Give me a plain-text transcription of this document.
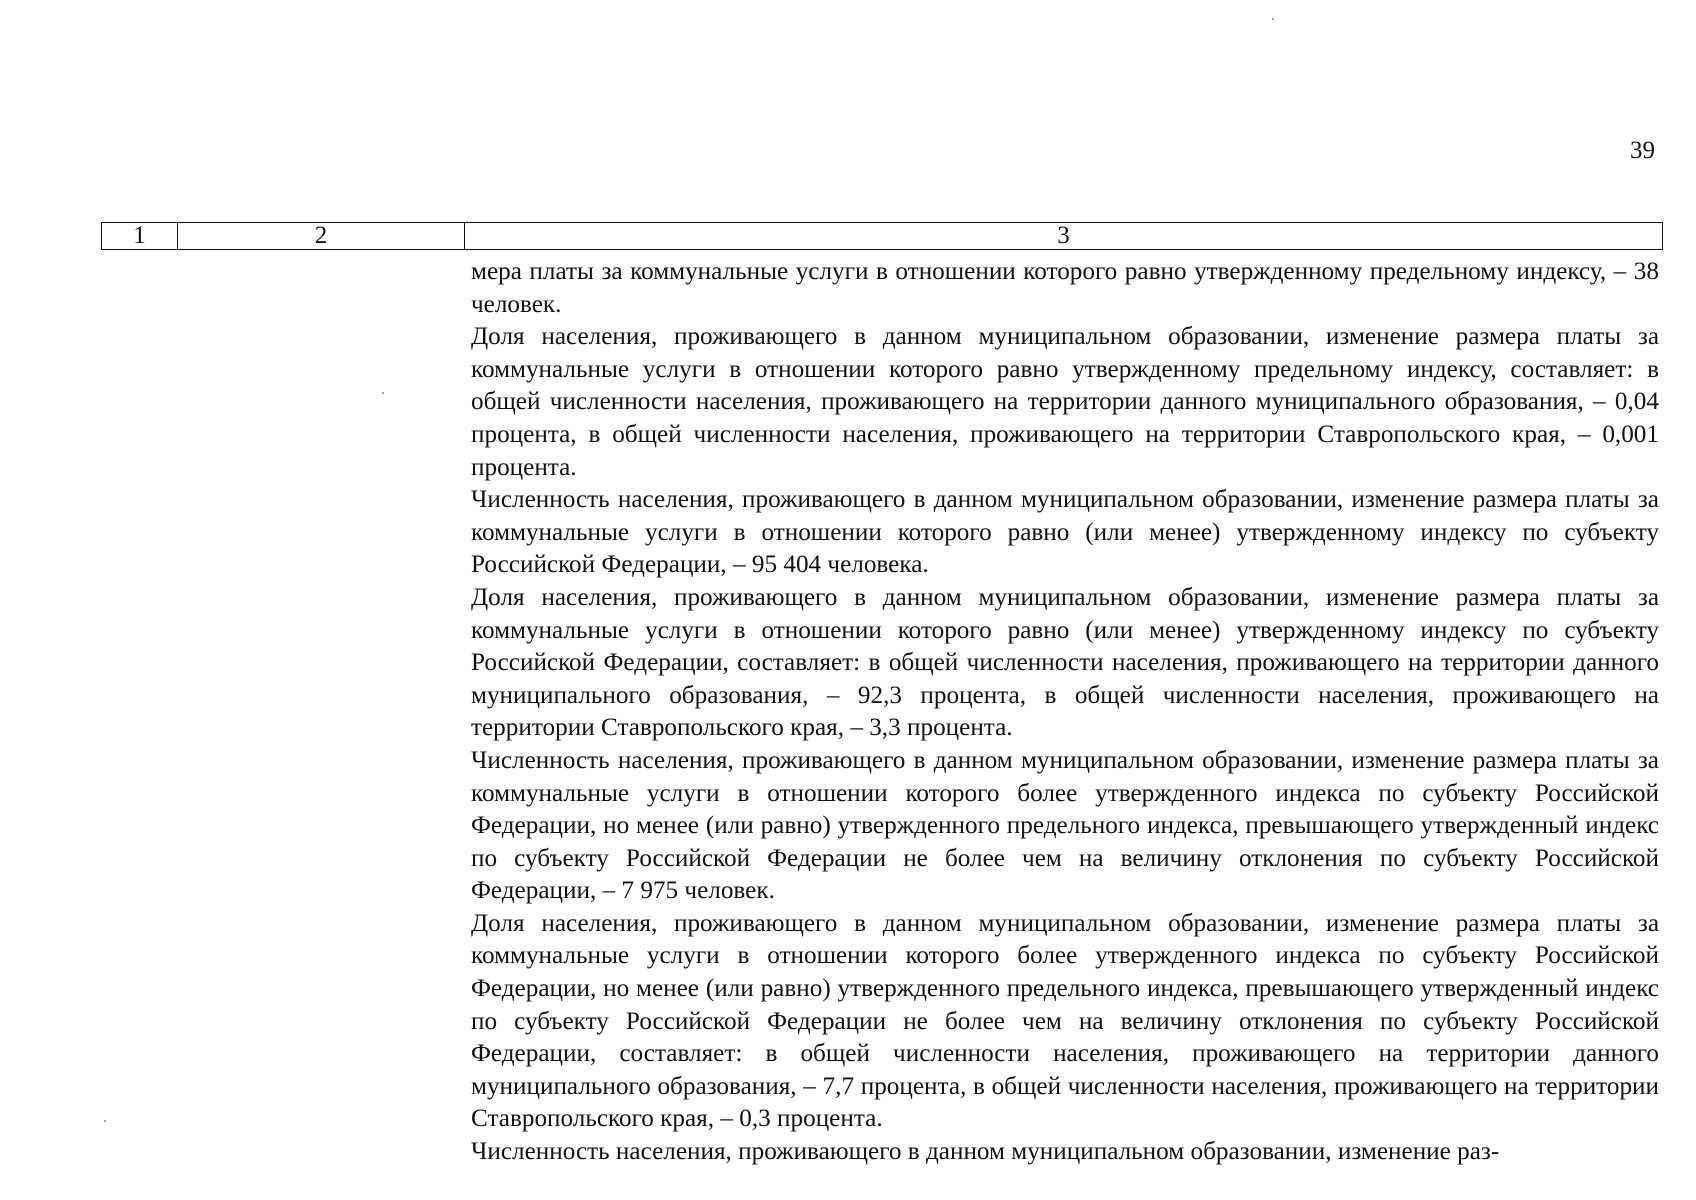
39
1	2	3

мера платы за коммунальные услуги в отношении которого равно утвержденному предельному индексу, – 38 человек.

Доля населения, проживающего в данном муниципальном образовании, изменение размера платы за коммунальные услуги в отношении которого равно утвержденному предельному индексу, составляет: в общей численности населения, проживающего на территории данного муниципального образования, – 0,04 процента, в общей численности населения, проживающего на территории Ставропольского края, – 0,001 процента.

Численность населения, проживающего в данном муниципальном образовании, изменение размера платы за коммунальные услуги в отношении которого равно (или менее) утвержденному индексу по субъекту Российской Федерации, – 95 404 человека.

Доля населения, проживающего в данном муниципальном образовании, изменение размера платы за коммунальные услуги в отношении которого равно (или менее) утвержденному индексу по субъекту Российской Федерации, составляет: в общей численности населения, проживающего на территории данного муниципального образования, – 92,3 процента, в общей численности населения, проживающего на территории Ставропольского края, – 3,3 процента.

Численность населения, проживающего в данном муниципальном образовании, изменение размера платы за коммунальные услуги в отношении которого более утвержденного индекса по субъекту Российской Федерации, но менее (или равно) утвержденного предельного индекса, превышающего утвержденный индекс по субъекту Российской Федерации не более чем на величину отклонения по субъекту Российской Федерации, – 7 975 человек.

Доля населения, проживающего в данном муниципальном образовании, изменение размера платы за коммунальные услуги в отношении которого более утвержденного индекса по субъекту Российской Федерации, но менее (или равно) утвержденного предельного индекса, превышающего утвержденный индекс по субъекту Российской Федерации не более чем на величину отклонения по субъекту Российской Федерации, составляет: в общей численности населения, проживающего на территории данного муниципального образования, – 7,7 процента, в общей численности населения, проживающего на территории Ставропольского края, – 0,3 процента.

Численность населения, проживающего в данном муниципальном образовании, изменение раз-
